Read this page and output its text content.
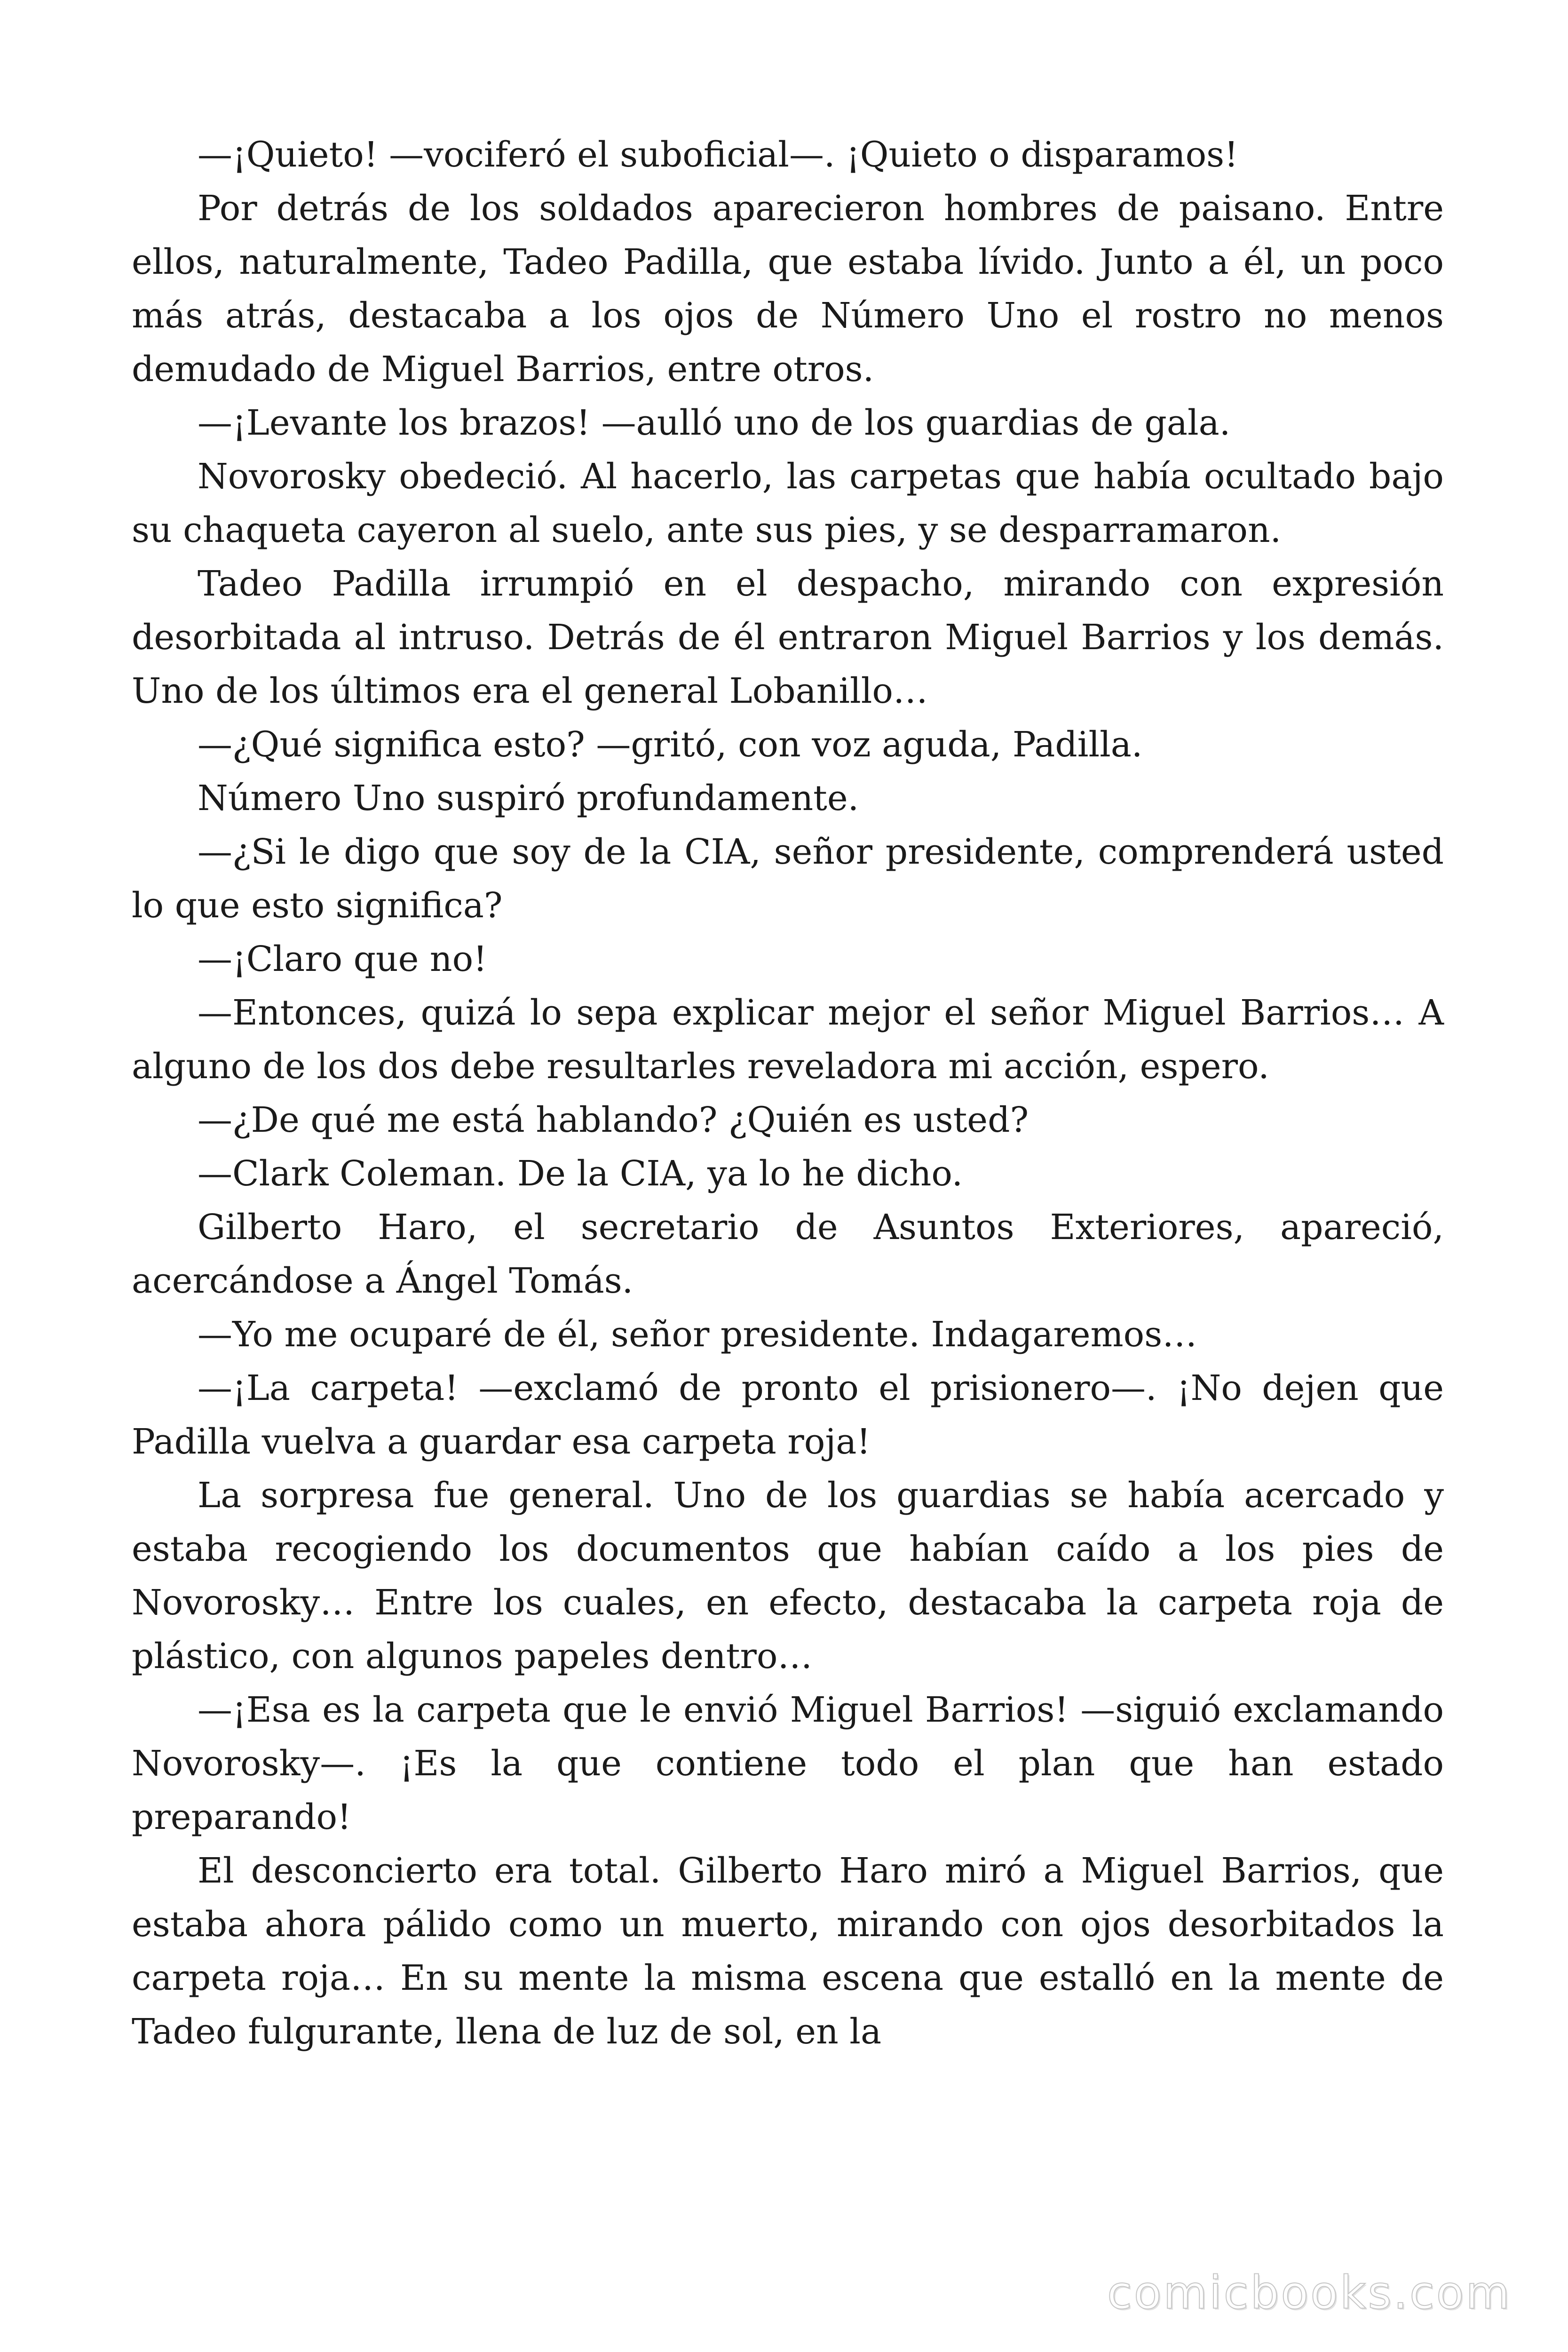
—¡Quieto! —vociferó el suboficial—. ¡Quieto o disparamos!

Por detrás de los soldados aparecieron hombres de paisano. Entre ellos, naturalmente, Tadeo Padilla, que estaba lívido. Junto a él, un poco más atrás, destacaba a los ojos de Número Uno el rostro no menos demudado de Miguel Barrios, entre otros.

—¡Levante los brazos! —aulló uno de los guardias de gala.

Novorosky obedeció. Al hacerlo, las carpetas que había ocultado bajo su chaqueta cayeron al suelo, ante sus pies, y se desparramaron.

Tadeo Padilla irrumpió en el despacho, mirando con expresión desorbitada al intruso. Detrás de él entraron Miguel Barrios y los demás. Uno de los últimos era el general Lobanillo…

—¿Qué significa esto? —gritó, con voz aguda, Padilla.

Número Uno suspiró profundamente.

—¿Si le digo que soy de la CIA, señor presidente, comprenderá usted lo que esto significa?

—¡Claro que no!

—Entonces, quizá lo sepa explicar mejor el señor Miguel Barrios… A alguno de los dos debe resultarles reveladora mi acción, espero.

—¿De qué me está hablando? ¿Quién es usted?

—Clark Coleman. De la CIA, ya lo he dicho.

Gilberto Haro, el secretario de Asuntos Exteriores, apareció, acercándose a Ángel Tomás.

—Yo me ocuparé de él, señor presidente. Indagaremos…

—¡La carpeta! —exclamó de pronto el prisionero—. ¡No dejen que Padilla vuelva a guardar esa carpeta roja!

La sorpresa fue general. Uno de los guardias se había acercado y estaba recogiendo los documentos que habían caído a los pies de Novorosky… Entre los cuales, en efecto, destacaba la carpeta roja de plástico, con algunos papeles dentro…

—¡Esa es la carpeta que le envió Miguel Barrios! —siguió exclamando Novorosky—. ¡Es la que contiene todo el plan que han estado preparando!

El desconcierto era total. Gilberto Haro miró a Miguel Barrios, que estaba ahora pálido como un muerto, mirando con ojos desorbitados la carpeta roja… En su mente la misma escena que estalló en la mente de Tadeo fulgurante, llena de luz de sol, en la

comicbooks.com
